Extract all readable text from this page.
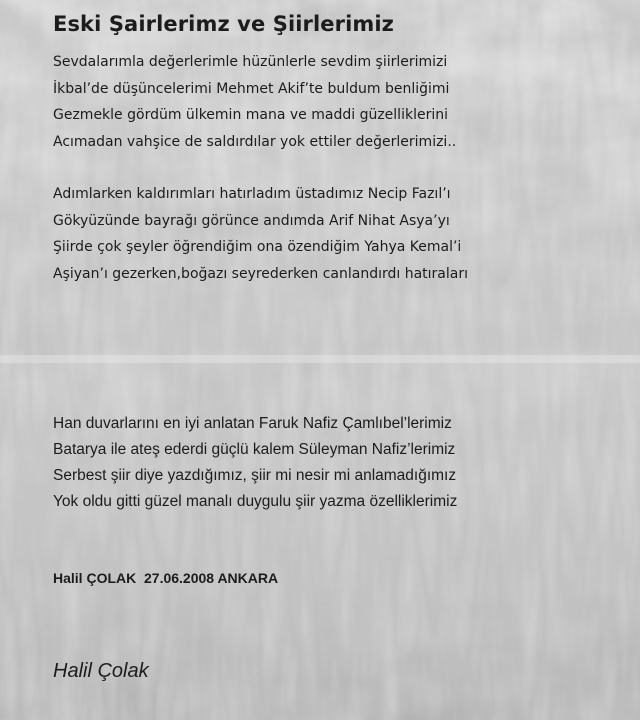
Eski Şairlerimz ve Şiirlerimiz
Sevdalarımla değerlerimle hüzünlerle sevdim şiirlerimizi
İkbal’de düşüncelerimi Mehmet Akif’te buldum benliğimi
Gezmekle gördüm ülkemin mana ve maddi güzelliklerini
Acımadan vahşice de saldırdılar yok ettiler değerlerimizi..
Adımlarken kaldırımları hatırladım üstadımız Necip Fazıl’ı
Gökyüzünde bayrağı görünce andımda Arif Nihat Asya’yı
Şiirde çok şeyler öğrendiğim ona özendiğim Yahya Kemal’i
Aşiyan’ı gezerken,boğazı seyrederken canlandırdı hatıraları
Han duvarlarını en iyi anlatan Faruk Nafiz Çamlıbel’lerimiz
Batarya ile ateş ederdi güçlü kalem Süleyman Nafiz’lerimiz
Serbest şiir diye yazdığımız, şiir mi nesir mi anlamadığımız
Yok oldu gitti güzel manalı duygulu şiir yazma özelliklerimiz
Halil ÇOLAK  27.06.2008 ANKARA
Halil Çolak
